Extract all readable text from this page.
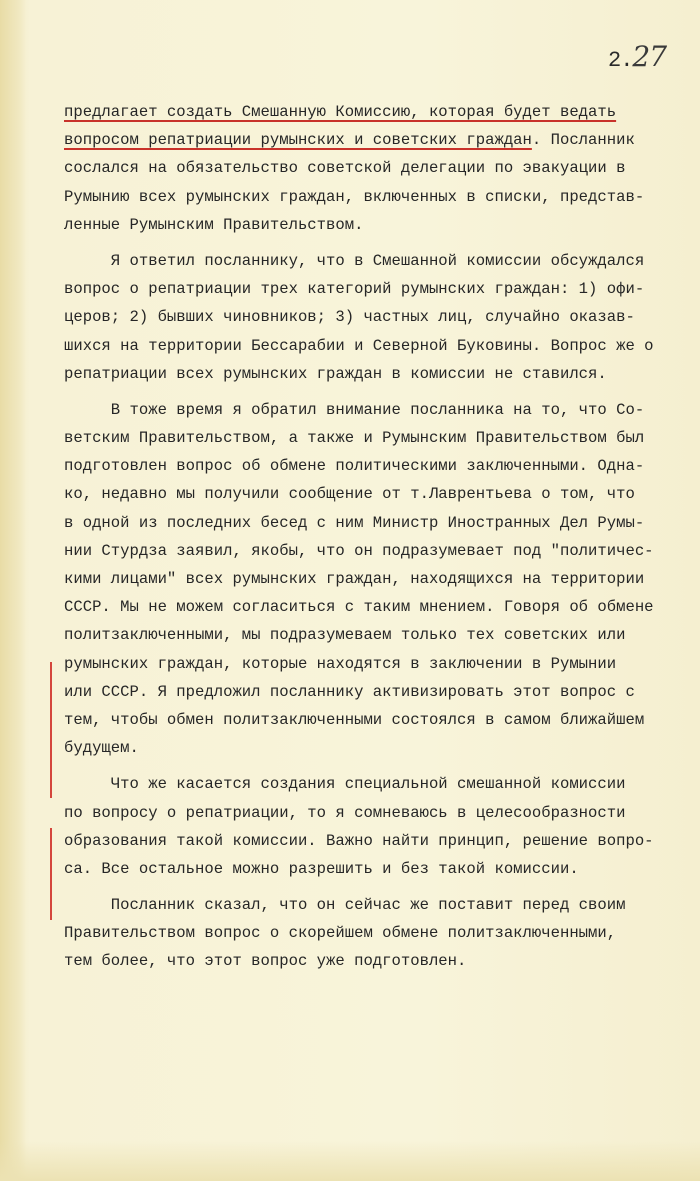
2.27
предлагает создать Смешанную Комиссию, которая будет ведать
вопросом репатриации румынских и советских граждан. Посланник
сослался на обязательство советской делегации по эвакуации в
Румынию всех румынских граждан, включенных в списки, представ-
ленные Румынским Правительством.
Я ответил посланнику, что в Смешанной комиссии обсуждался
вопрос о репатриации трех категорий румынских граждан: 1) офи-
церов; 2) бывших чиновников; 3) частных лиц, случайно оказав-
шихся на территории Бессарабии и Северной Буковины. Вопрос же о
репатриации всех румынских граждан в комиссии не ставился.
В тоже время я обратил внимание посланника на то, что Со-
ветским Правительством, а также и Румынским Правительством был
подготовлен вопрос об обмене политическими заключенными. Одна-
ко, недавно мы получили сообщение от т.Лаврентьева о том, что
в одной из последних бесед с ним Министр Иностранных Дел Румы-
нии Стурдза заявил, якобы, что он подразумевает под "политичес-
кими лицами" всех румынских граждан, находящихся на территории
СССР. Мы не можем согласиться с таким мнением. Говоря об обмене
политзаключенными, мы подразумеваем только тех советских или
румынских граждан, которые находятся в заключении в Румынии
или СССР. Я предложил посланнику активизировать этот вопрос с
тем, чтобы обмен политзаключенными состоялся в самом ближайшем
будущем.
Что же касается создания специальной смешанной комиссии
по вопросу о репатриации, то я сомневаюсь в целесообразности
образования такой комиссии. Важно найти принцип, решение вопро-
са. Все остальное можно разрешить и без такой комиссии.
Посланник сказал, что он сейчас же поставит перед своим
Правительством вопрос о скорейшем обмене политзаключенными,
тем более, что этот вопрос уже подготовлен.
